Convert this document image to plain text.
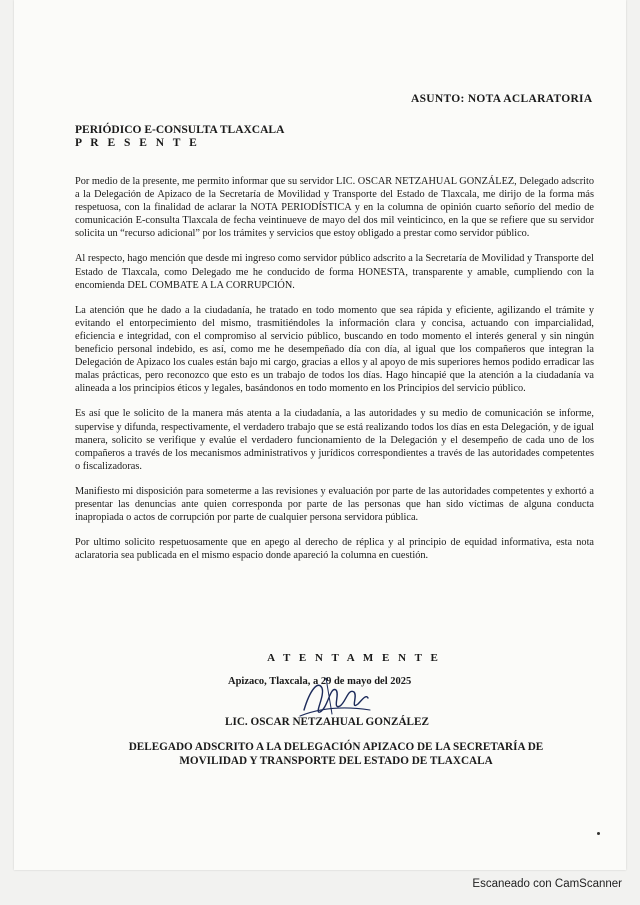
ASUNTO: NOTA ACLARATORIA
PERIÓDICO E-CONSULTA TLAXCALA
P R E S E N T E

Por medio de la presente, me permito informar que su servidor LIC. OSCAR NETZAHUAL GONZÁLEZ, Delegado adscrito a la Delegación de Apizaco de la Secretaría de Movilidad y Transporte del Estado de Tlaxcala, me dirijo de la forma más respetuosa, con la finalidad de aclarar la NOTA PERIODÍSTICA y en la columna de opinión cuarto señorío del medio de comunicación E-consulta Tlaxcala de fecha veintinueve de mayo del dos mil veinticinco, en la que se refiere que su servidor solicita un “recurso adicional” por los trámites y servicios que estoy obligado a prestar como servidor público.

Al respecto, hago mención que desde mi ingreso como servidor público adscrito a la Secretaría de Movilidad y Transporte del Estado de Tlaxcala, como Delegado me he conducido de forma HONESTA, transparente y amable, cumpliendo con la encomienda DEL COMBATE A LA CORRUPCIÓN.

La atención que he dado a la ciudadanía, he tratado en todo momento que sea rápida y eficiente, agilizando el trámite y evitando el entorpecimiento del mismo, trasmitiéndoles la información clara y concisa, actuando con imparcialidad, eficiencia e integridad, con el compromiso al servicio público, buscando en todo momento el interés general y sin ningún beneficio personal indebido, es así, como me he desempeñado día con día, al igual que los compañeros que integran la Delegación de Apizaco los cuales están bajo mi cargo, gracias a ellos y al apoyo de mis superiores hemos podido erradicar las malas prácticas, pero reconozco que esto es un trabajo de todos los días. Hago hincapié que la atención a la ciudadanía va alineada a los principios éticos y legales, basándonos en todo momento en los Principios del servicio público.

Es así que le solicito de la manera más atenta a la ciudadanía, a las autoridades y su medio de comunicación se informe, supervise y difunda, respectivamente, el verdadero trabajo que se está realizando todos los días en esta Delegación, y de igual manera, solicito se verifique y evalúe el verdadero funcionamiento de la Delegación y el desempeño de cada uno de los compañeros a través de los mecanismos administrativos y jurídicos correspondientes a través de las autoridades competentes o fiscalizadoras.

Manifiesto mi disposición para someterme a las revisiones y evaluación por parte de las autoridades competentes y exhortó a presentar las denuncias ante quien corresponda por parte de las personas que han sido víctimas de alguna conducta inapropiada o actos de corrupción por parte de cualquier persona servidora pública.

Por ultimo solicito respetuosamente que en apego al derecho de réplica y al principio de equidad informativa, esta nota aclaratoria sea publicada en el mismo espacio donde apareció la columna en cuestión.

A T E N T A M E N T E
Apizaco, Tlaxcala, a 29 de mayo del 2025
LIC. OSCAR NETZAHUAL GONZÁLEZ
DELEGADO ADSCRITO A LA DELEGACIÓN APIZACO DE LA SECRETARÍA DE
MOVILIDAD Y TRANSPORTE DEL ESTADO DE TLAXCALA
Escaneado con CamScanner
